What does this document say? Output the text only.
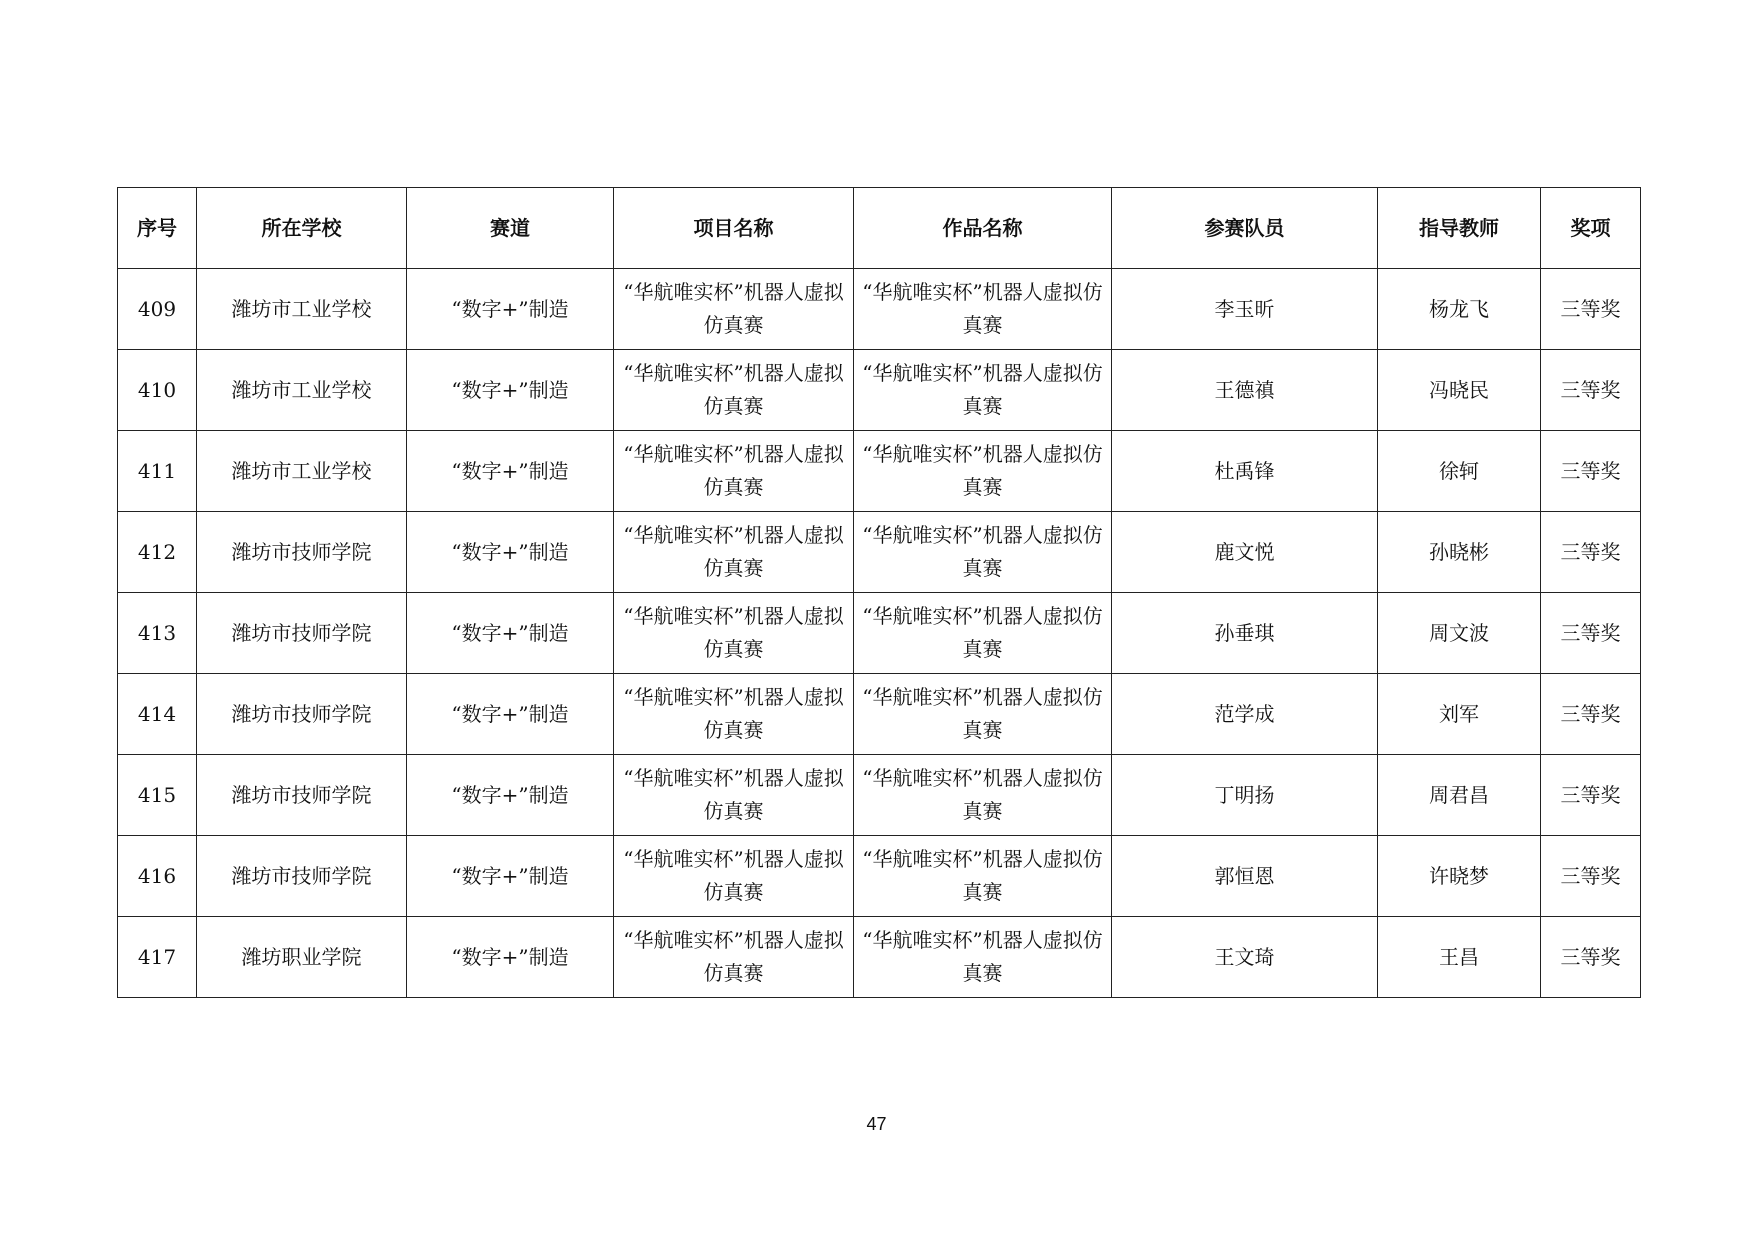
序号	所在学校	赛道	项目名称	作品名称	参赛队员	指导教师	奖项

409	潍坊市工业学校	“数字+”制造	“华航唯实杯”机器人虚拟仿真赛	“华航唯实杯”机器人虚拟仿真赛	李玉昕	杨龙飞	三等奖

410	潍坊市工业学校	“数字+”制造	“华航唯实杯”机器人虚拟仿真赛	“华航唯实杯”机器人虚拟仿真赛	王德禛	冯晓民	三等奖

411	潍坊市工业学校	“数字+”制造	“华航唯实杯”机器人虚拟仿真赛	“华航唯实杯”机器人虚拟仿真赛	杜禹锋	徐轲	三等奖

412	潍坊市技师学院	“数字+”制造	“华航唯实杯”机器人虚拟仿真赛	“华航唯实杯”机器人虚拟仿真赛	鹿文悦	孙晓彬	三等奖

413	潍坊市技师学院	“数字+”制造	“华航唯实杯”机器人虚拟仿真赛	“华航唯实杯”机器人虚拟仿真赛	孙垂琪	周文波	三等奖

414	潍坊市技师学院	“数字+”制造	“华航唯实杯”机器人虚拟仿真赛	“华航唯实杯”机器人虚拟仿真赛	范学成	刘军	三等奖

415	潍坊市技师学院	“数字+”制造	“华航唯实杯”机器人虚拟仿真赛	“华航唯实杯”机器人虚拟仿真赛	丁明扬	周君昌	三等奖

416	潍坊市技师学院	“数字+”制造	“华航唯实杯”机器人虚拟仿真赛	“华航唯实杯”机器人虚拟仿真赛	郭恒恩	许晓梦	三等奖

417	潍坊职业学院	“数字+”制造	“华航唯实杯”机器人虚拟仿真赛	“华航唯实杯”机器人虚拟仿真赛	王文琦	王昌	三等奖
47
